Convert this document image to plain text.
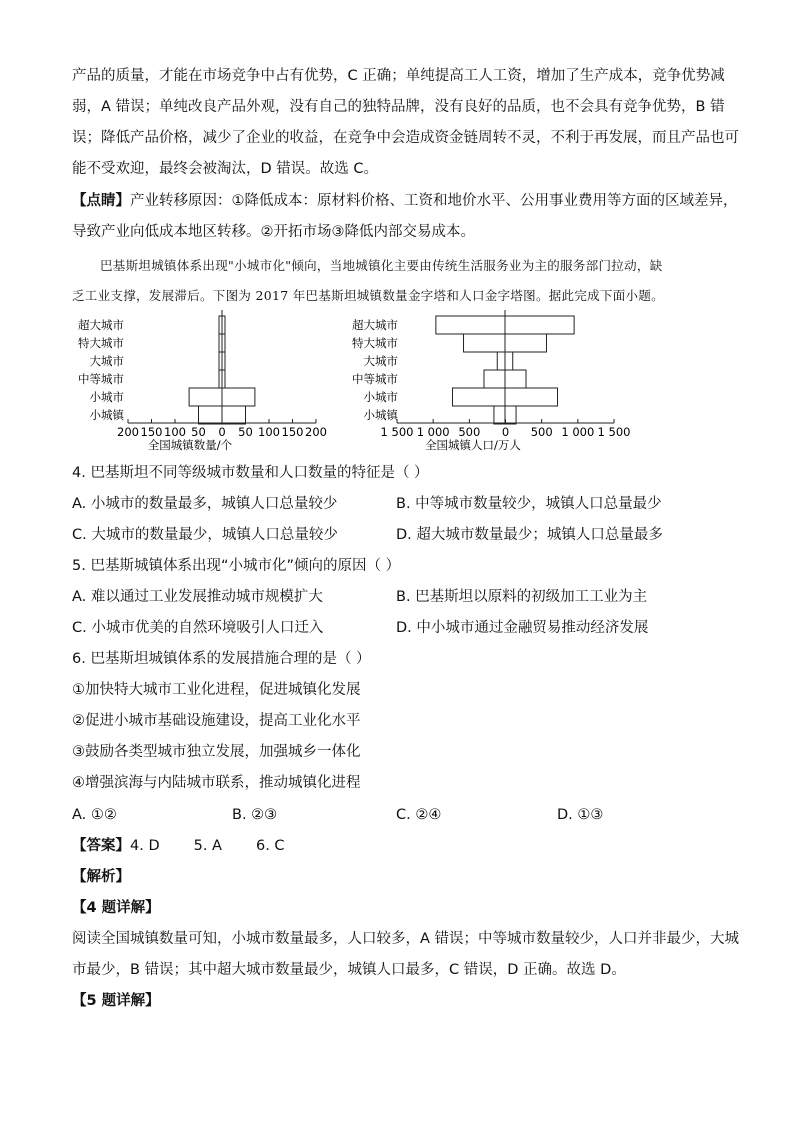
产品的质量，才能在市场竞争中占有优势，C 正确；单纯提高工人工资，增加了生产成本，竞争优势减
弱，A 错误；单纯改良产品外观，没有自己的独特品牌，没有良好的品质，也不会具有竞争优势，B 错
误；降低产品价格，减少了企业的收益，在竞争中会造成资金链周转不灵，不利于再发展，而且产品也可
能不受欢迎，最终会被淘汰，D 错误。故选 C。
【点睛】产业转移原因：①降低成本：原材料价格、工资和地价水平、公用事业费用等方面的区域差异，
导致产业向低成本地区转移。②开拓市场③降低内部交易成本。
巴基斯坦城镇体系出现"小城市化"倾向，当地城镇化主要由传统生活服务业为主的服务部门拉动，缺
乏工业支撑，发展滞后。下图为 2017 年巴基斯坦城镇数量金字塔和人口金字塔图。据此完成下面小题。
超大城市
特大城市
大城市
中等城市
小城市
小城镇
200 150 100 50 0 50 100 150 200
全国城镇数量/个
超大城市
特大城市
大城市
中等城市
小城市
小城镇
1 500 1 000 500 0 500 1 000 1 500
全国城镇人口/万人
4. 巴基斯坦不同等级城市数量和人口数量的特征是（ ）
A. 小城市的数量最多，城镇人口总量较少	B. 中等城市数量较少，城镇人口总量最少
C. 大城市的数量最少，城镇人口总量较少	D. 超大城市数量最少；城镇人口总量最多
5. 巴基斯城镇体系出现“小城市化”倾向的原因（ ）
A. 难以通过工业发展推动城市规模扩大	B. 巴基斯坦以原料的初级加工工业为主
C. 小城市优美的自然环境吸引人口迁入	D. 中小城市通过金融贸易推动经济发展
6. 巴基斯坦城镇体系的发展措施合理的是（ ）
①加快特大城市工业化进程，促进城镇化发展
②促进小城市基础设施建设，提高工业化水平
③鼓励各类型城市独立发展，加强城乡一体化
④增强滨海与内陆城市联系，推动城镇化进程
A. ①②	B. ②③	C. ②④	D. ①③
【答案】4. D 5. A 6. C
【解析】
【4 题详解】
阅读全国城镇数量可知，小城市数量最多，人口较多，A 错误；中等城市数量较少，人口并非最少，大城
市最少，B 错误；其中超大城市数量最少，城镇人口最多，C 错误，D 正确。故选 D。
【5 题详解】
